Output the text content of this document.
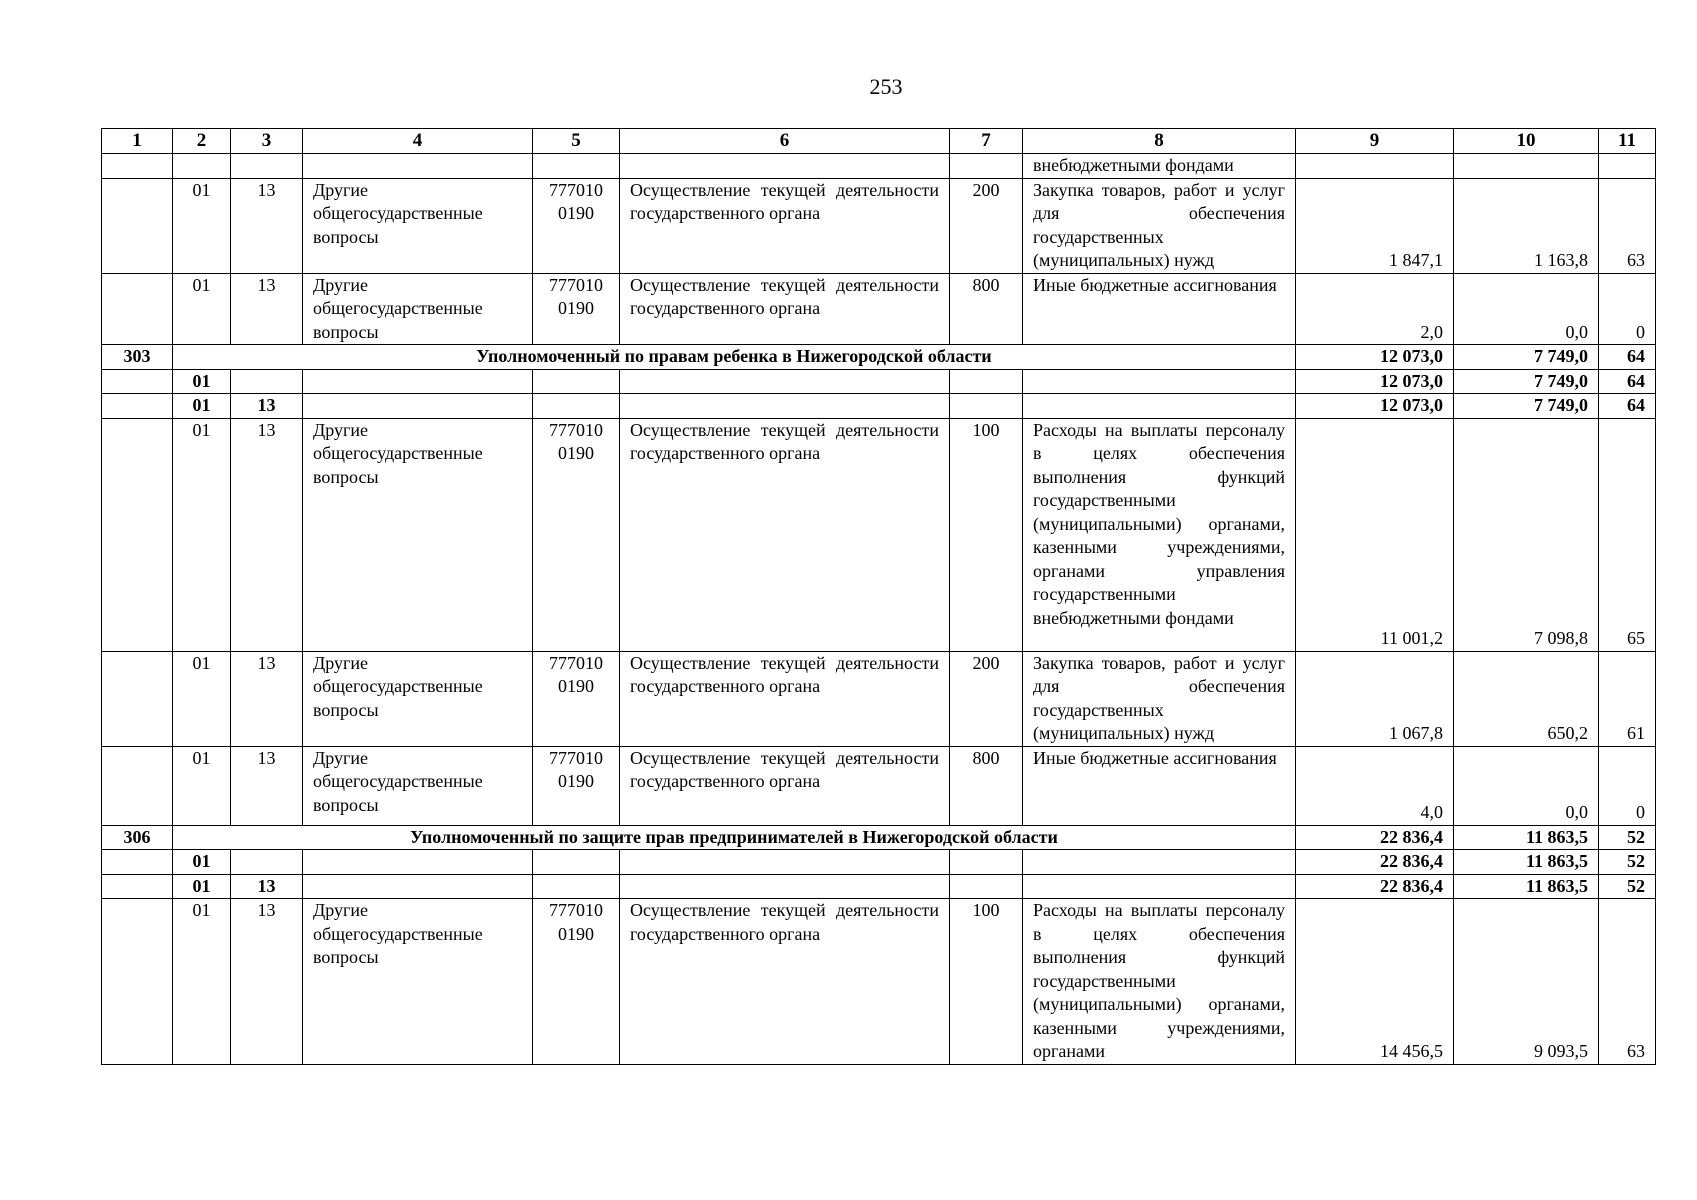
253
1	2	3	4	5	6	7	8	9	10	11
							внебюджетными фондами			
	01	13	Другие общегосударственные вопросы	777010 0190	Осуществление текущей деятельности государственного органа	200	Закупка товаров, работ и услуг для обеспечения государственных (муниципальных) нужд	1 847,1	1 163,8	63
	01	13	Другие общегосударственные вопросы	777010 0190	Осуществление текущей деятельности государственного органа	800	Иные бюджетные ассигнования	2,0	0,0	0
303	Уполномоченный по правам ребенка в Нижегородской области							12 073,0	7 749,0	64
	01							12 073,0	7 749,0	64
	01	13						12 073,0	7 749,0	64
	01	13	Другие общегосударственные вопросы	777010 0190	Осуществление текущей деятельности государственного органа	100	Расходы на выплаты персоналу в целях обеспечения выполнения функций государственными (муниципальными) органами, казенными учреждениями, органами управления государственными внебюджетными фондами	11 001,2	7 098,8	65
	01	13	Другие общегосударственные вопросы	777010 0190	Осуществление текущей деятельности государственного органа	200	Закупка товаров, работ и услуг для обеспечения государственных (муниципальных) нужд	1 067,8	650,2	61
	01	13	Другие общегосударственные вопросы	777010 0190	Осуществление текущей деятельности государственного органа	800	Иные бюджетные ассигнования	4,0	0,0	0
306	Уполномоченный по защите прав предпринимателей в Нижегородской области							22 836,4	11 863,5	52
	01							22 836,4	11 863,5	52
	01	13						22 836,4	11 863,5	52
	01	13	Другие общегосударственные вопросы	777010 0190	Осуществление текущей деятельности государственного органа	100	Расходы на выплаты персоналу в целях обеспечения выполнения функций государственными (муниципальными) органами, казенными учреждениями, органами	14 456,5	9 093,5	63
